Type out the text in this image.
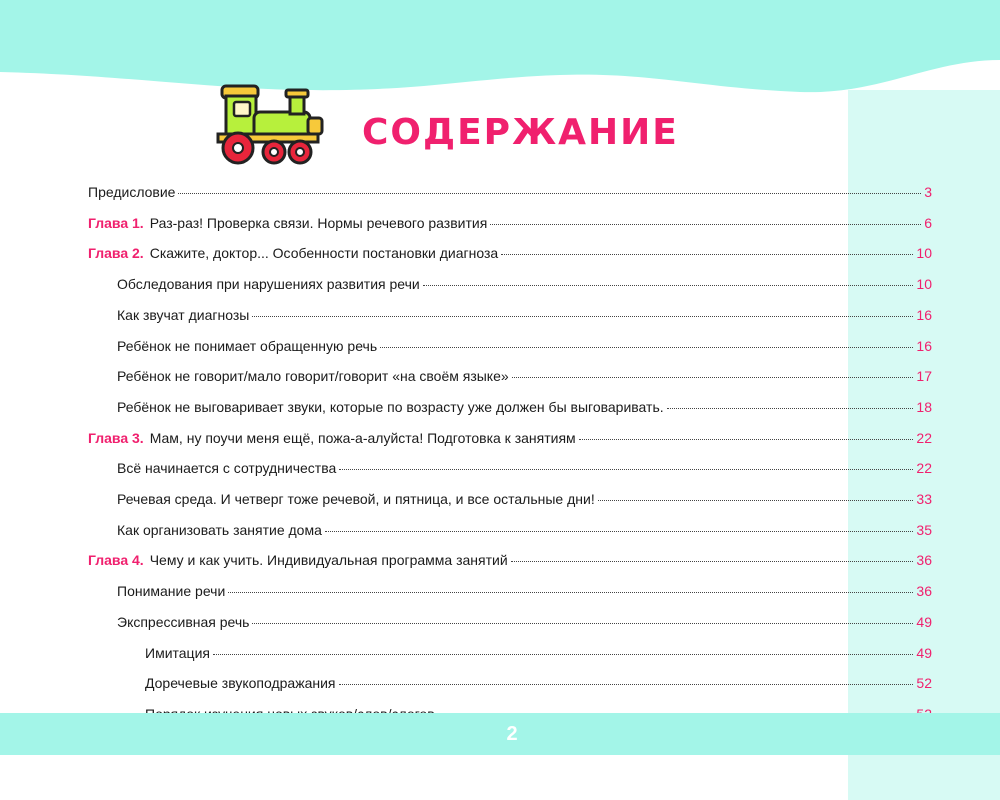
СОДЕРЖАНИЕ
Предисловие	3
Глава 1. Раз-раз! Проверка связи. Нормы речевого развития	6
Глава 2. Скажите, доктор... Особенности постановки диагноза	10
Обследования при нарушениях развития речи	10
Как звучат диагнозы	16
Ребёнок не понимает обращенную речь	16
Ребёнок не говорит/мало говорит/говорит «на своём языке»	17
Ребёнок не выговаривает звуки, которые по возрасту уже должен бы выговаривать.	18
Глава 3. Мам, ну поучи меня ещё, пожа-а-алуйста! Подготовка к занятиям	22
Всё начинается с сотрудничества	22
Речевая среда. И четверг тоже речевой, и пятница, и все остальные дни!	33
Как организовать занятие дома	35
Глава 4. Чему и как учить. Индивидуальная программа занятий	36
Понимание речи	36
Экспрессивная речь	49
Имитация	49
Доречевые звукоподражания	52
2
